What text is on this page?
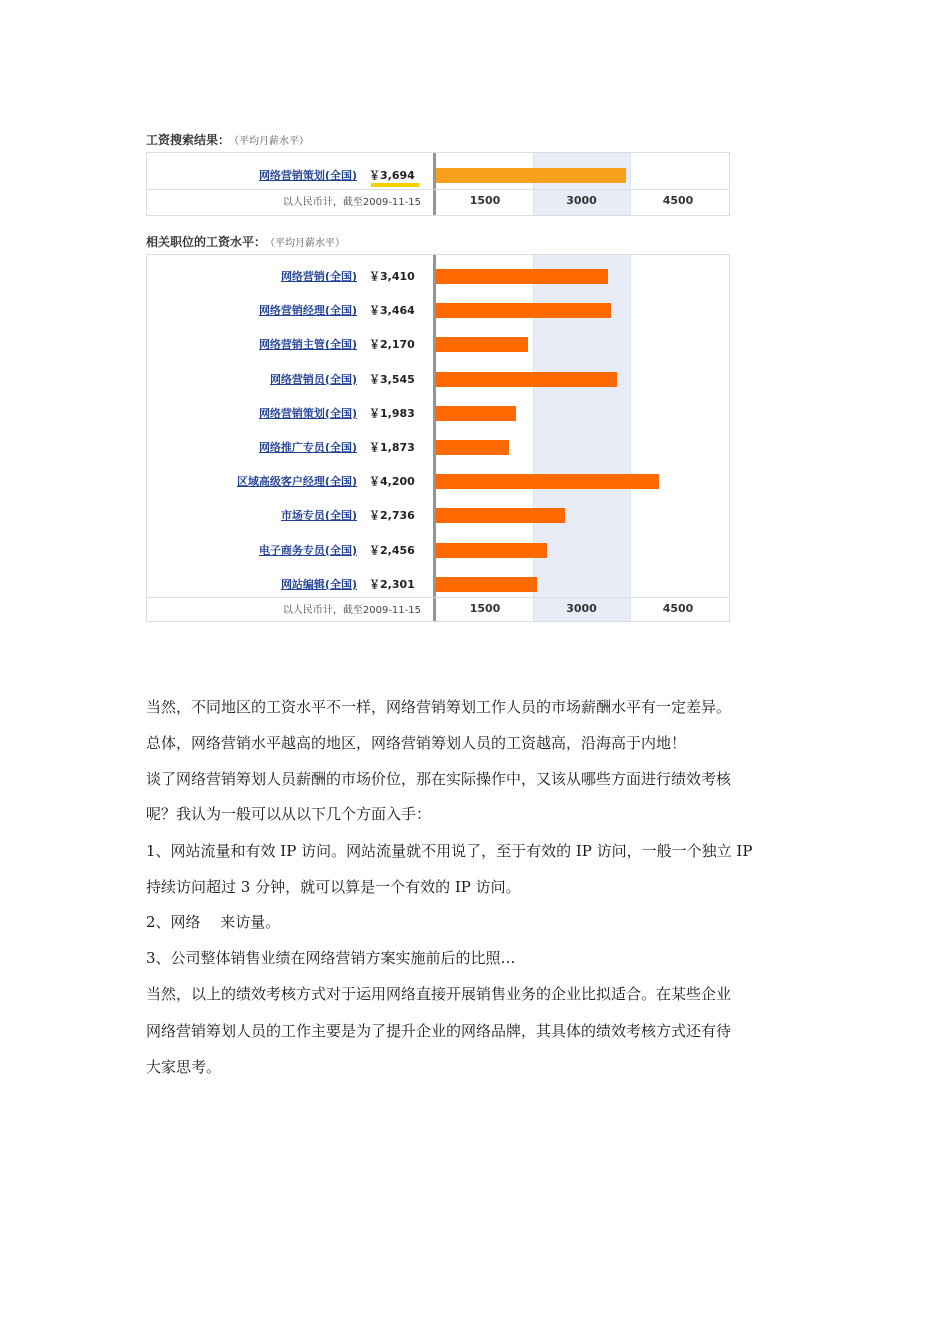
工资搜索结果： （平均月薪水平）
网络营销策划(全国) ￥3,694
以人民币计，截至2009-11-15	1500	3000	4500
相关职位的工资水平： （平均月薪水平）
网络营销(全国) ￥3,410
网络营销经理(全国) ￥3,464
网络营销主管(全国) ￥2,170
网络营销员(全国) ￥3,545
网络营销策划(全国) ￥1,983
网络推广专员(全国) ￥1,873
区域高级客户经理(全国) ￥4,200
市场专员(全国) ￥2,736
电子商务专员(全国) ￥2,456
网站编辑(全国) ￥2,301
以人民币计，截至2009-11-15	1500	3000	4500
当然，不同地区的工资水平不一样，网络营销筹划工作人员的市场薪酬水平有一定差异。
总体，网络营销水平越高的地区，网络营销筹划人员的工资越高，沿海高于内地！
谈了网络营销筹划人员薪酬的市场价位，那在实际操作中，又该从哪些方面进行绩效考核
呢？我认为一般可以从以下几个方面入手：
1、网站流量和有效 IP 访问。网站流量就不用说了，至于有效的 IP 访问，一般一个独立 IP
持续访问超过 3 分钟，就可以算是一个有效的 IP 访问。
2、网络　 来访量。
3、公司整体销售业绩在网络营销方案实施前后的比照…
当然，以上的绩效考核方式对于运用网络直接开展销售业务的企业比拟适合。在某些企业
网络营销筹划人员的工作主要是为了提升企业的网络品牌，其具体的绩效考核方式还有待
大家思考。
